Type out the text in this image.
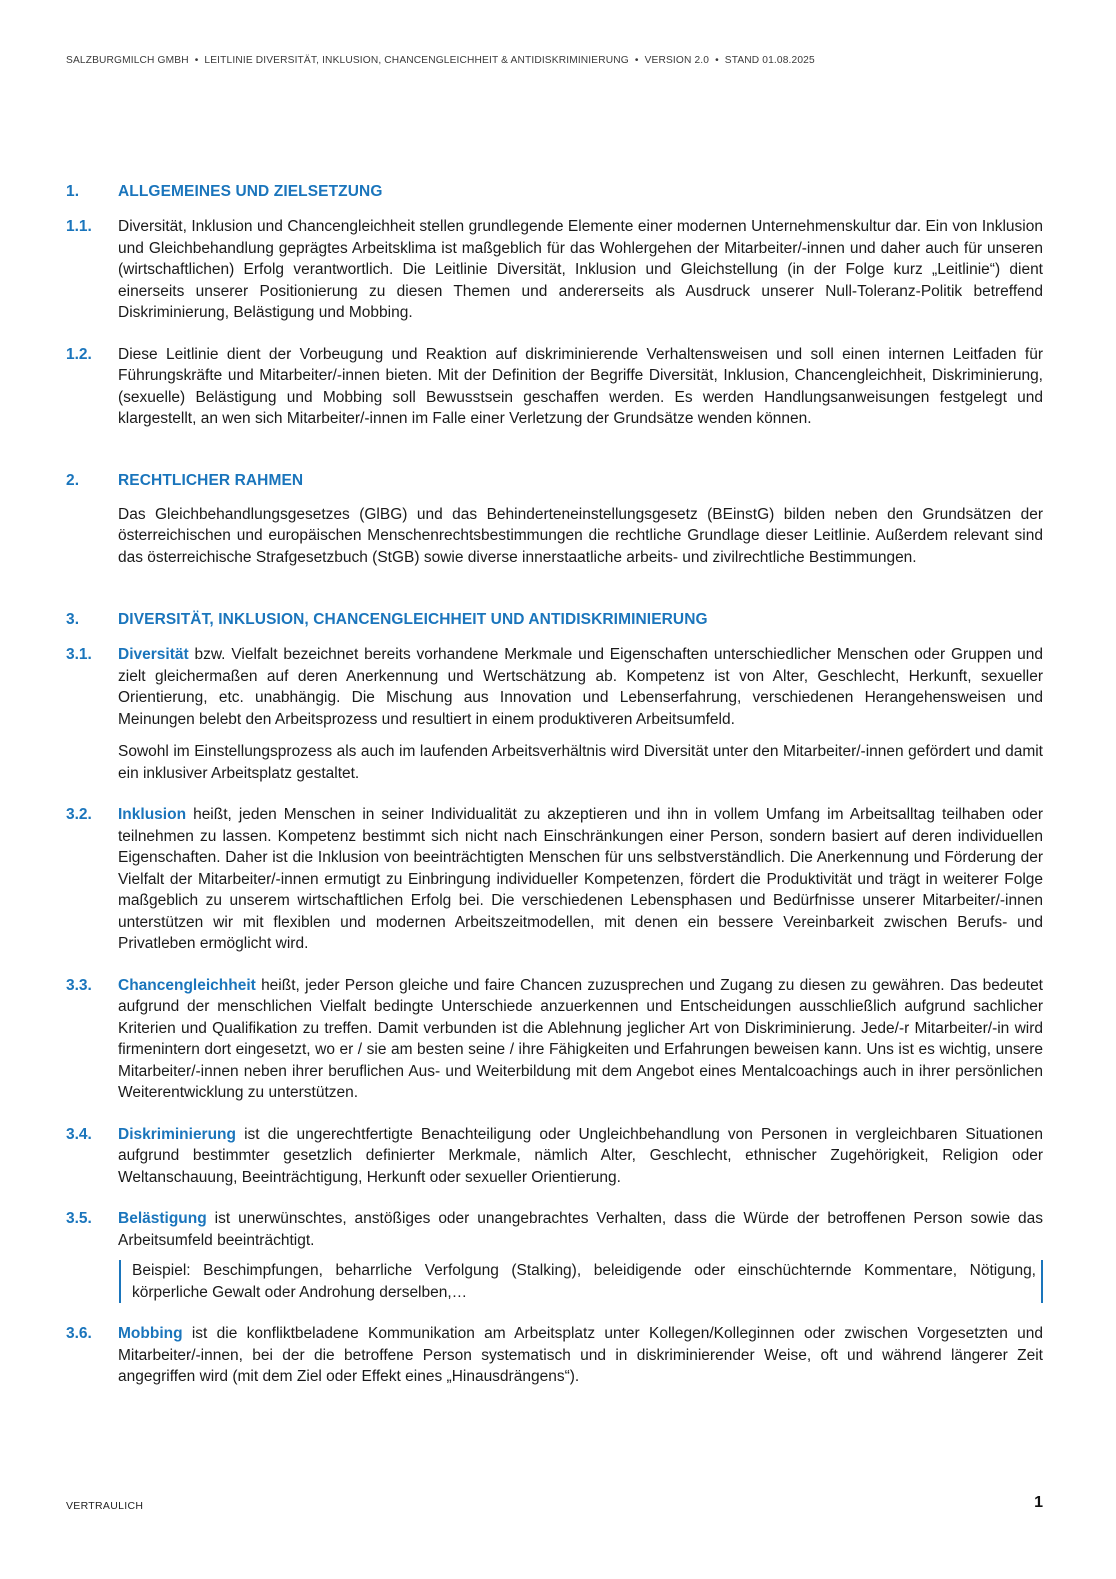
SALZBURGMILCH GMBH • LEITLINIE DIVERSITÄT, INKLUSION, CHANCENGLEICHHEIT & ANTIDISKRIMINIERUNG • VERSION 2.0 • STAND 01.08.2025
1.	ALLGEMEINES UND ZIELSETZUNG
1.1.	Diversität, Inklusion und Chancengleichheit stellen grundlegende Elemente einer modernen Unternehmenskultur dar. Ein von Inklusion und Gleichbehandlung geprägtes Arbeitsklima ist maßgeblich für das Wohlergehen der Mitarbeiter/-innen und daher auch für unseren (wirtschaftlichen) Erfolg verantwortlich. Die Leitlinie Diversität, Inklusion und Gleichstellung (in der Folge kurz „Leitlinie“) dient einerseits unserer Positionierung zu diesen Themen und andererseits als Ausdruck unserer Null-Toleranz-Politik betreffend Diskriminierung, Belästigung und Mobbing.

1.2.	Diese Leitlinie dient der Vorbeugung und Reaktion auf diskriminierende Verhaltensweisen und soll einen internen Leitfaden für Führungskräfte und Mitarbeiter/-innen bieten. Mit der Definition der Begriffe Diversität, Inklusion, Chancengleichheit, Diskriminierung, (sexuelle) Belästigung und Mobbing soll Bewusstsein geschaffen werden. Es werden Handlungsanweisungen festgelegt und klargestellt, an wen sich Mitarbeiter/-innen im Falle einer Verletzung der Grundsätze wenden können.

2.	RECHTLICHER RAHMEN

Das Gleichbehandlungsgesetzes (GlBG) und das Behinderteneinstellungsgesetz (BEinstG) bilden neben den Grundsätzen der österreichischen und europäischen Menschenrechtsbestimmungen die rechtliche Grundlage dieser Leitlinie. Außerdem relevant sind das österreichische Strafgesetzbuch (StGB) sowie diverse innerstaatliche arbeits- und zivilrechtliche Bestimmungen.

3.	DIVERSITÄT, INKLUSION, CHANCENGLEICHHEIT UND ANTIDISKRIMINIERUNG
3.1.	Diversität bzw. Vielfalt bezeichnet bereits vorhandene Merkmale und Eigenschaften unterschiedlicher Menschen oder Gruppen und zielt gleichermaßen auf deren Anerkennung und Wertschätzung ab. Kompetenz ist von Alter, Geschlecht, Herkunft, sexueller Orientierung, etc. unabhängig. Die Mischung aus Innovation und Lebenserfahrung, verschiedenen Herangehensweisen und Meinungen belebt den Arbeitsprozess und resultiert in einem produktiveren Arbeitsumfeld.

Sowohl im Einstellungsprozess als auch im laufenden Arbeitsverhältnis wird Diversität unter den Mitarbeiter/-innen gefördert und damit ein inklusiver Arbeitsplatz gestaltet.

3.2.	Inklusion heißt, jeden Menschen in seiner Individualität zu akzeptieren und ihn in vollem Umfang im Arbeitsalltag teilhaben oder teilnehmen zu lassen. Kompetenz bestimmt sich nicht nach Einschränkungen einer Person, sondern basiert auf deren individuellen Eigenschaften. Daher ist die Inklusion von beeinträchtigten Menschen für uns selbstverständlich. Die Anerkennung und Förderung der Vielfalt der Mitarbeiter/-innen ermutigt zu Einbringung individueller Kompetenzen, fördert die Produktivität und trägt in weiterer Folge maßgeblich zu unserem wirtschaftlichen Erfolg bei. Die verschiedenen Lebensphasen und Bedürfnisse unserer Mitarbeiter/-innen unterstützen wir mit flexiblen und modernen Arbeitszeitmodellen, mit denen ein bessere Vereinbarkeit zwischen Berufs- und Privatleben ermöglicht wird.

3.3.	Chancengleichheit heißt, jeder Person gleiche und faire Chancen zuzusprechen und Zugang zu diesen zu gewähren. Das bedeutet aufgrund der menschlichen Vielfalt bedingte Unterschiede anzuerkennen und Entscheidungen ausschließlich aufgrund sachlicher Kriterien und Qualifikation zu treffen. Damit verbunden ist die Ablehnung jeglicher Art von Diskriminierung. Jede/-r Mitarbeiter/-in wird firmenintern dort eingesetzt, wo er / sie am besten seine / ihre Fähigkeiten und Erfahrungen beweisen kann. Uns ist es wichtig, unsere Mitarbeiter/-innen neben ihrer beruflichen Aus- und Weiterbildung mit dem Angebot eines Mentalcoachings auch in ihrer persönlichen Weiterentwicklung zu unterstützen.

3.4.	Diskriminierung ist die ungerechtfertigte Benachteiligung oder Ungleichbehandlung von Personen in vergleichbaren Situationen aufgrund bestimmter gesetzlich definierter Merkmale, nämlich Alter, Geschlecht, ethnischer Zugehörigkeit, Religion oder Weltanschauung, Beeinträchtigung, Herkunft oder sexueller Orientierung.

3.5.	Belästigung ist unerwünschtes, anstößiges oder unangebrachtes Verhalten, dass die Würde der betroffenen Person sowie das Arbeitsumfeld beeinträchtigt.

Beispiel: Beschimpfungen, beharrliche Verfolgung (Stalking), beleidigende oder einschüchternde Kommentare, Nötigung, körperliche Gewalt oder Androhung derselben,…

3.6.	Mobbing ist die konfliktbeladene Kommunikation am Arbeitsplatz unter Kollegen/Kolleginnen oder zwischen Vorgesetzten und Mitarbeiter/-innen, bei der die betroffene Person systematisch und in diskriminierender Weise, oft und während längerer Zeit angegriffen wird (mit dem Ziel oder Effekt eines „Hinausdrängens“).

VERTRAULICH	1
